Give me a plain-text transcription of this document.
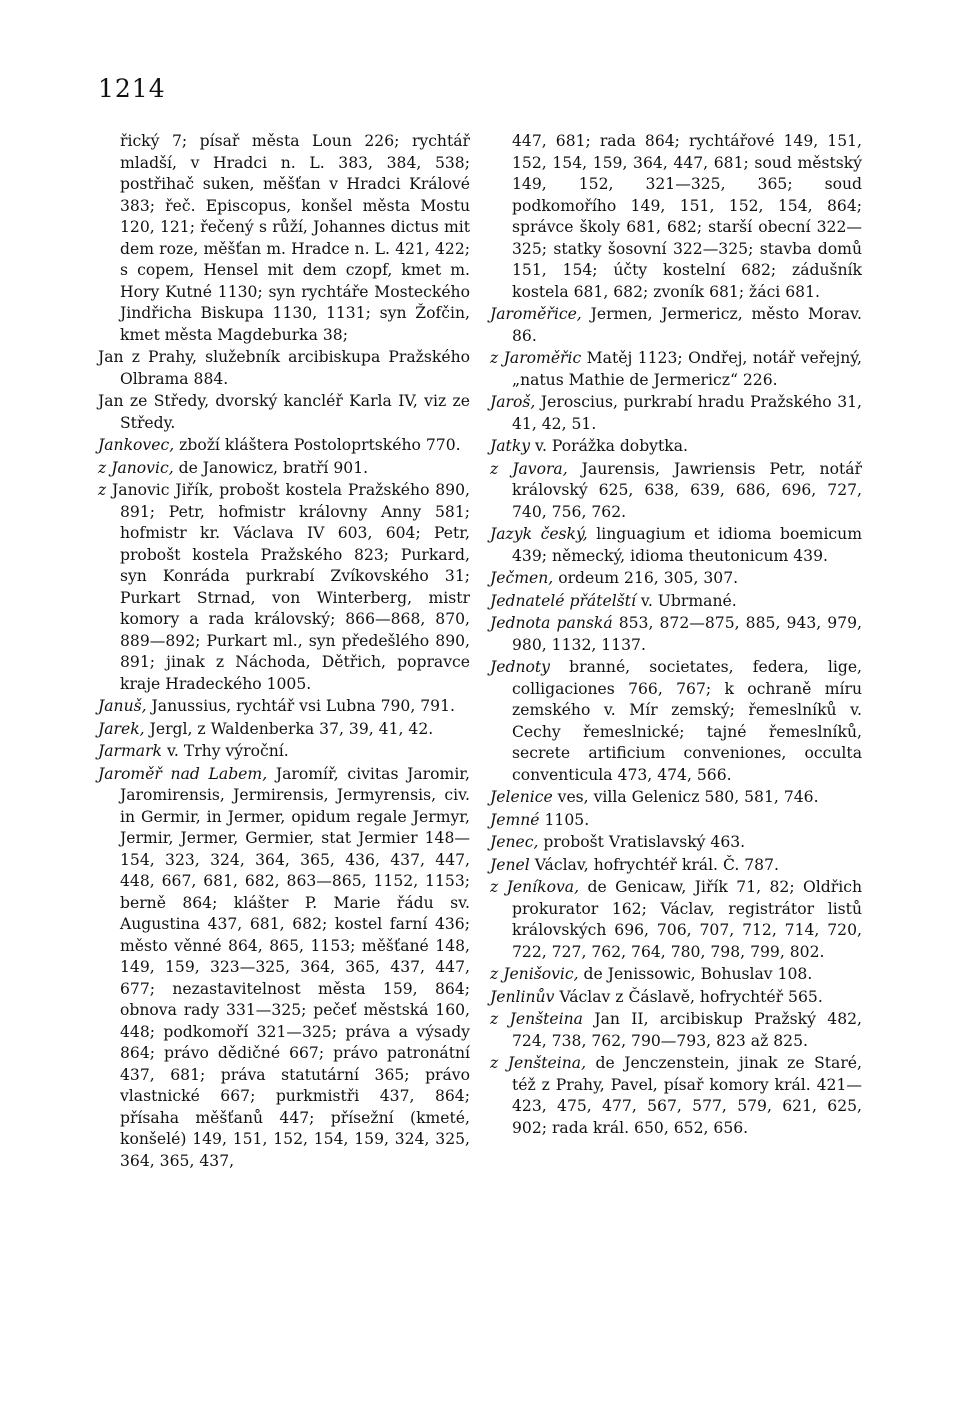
1214
řický 7; písař města Loun 226; rychtář mladší, v Hradci n. L. 383, 384, 538; postřihač suken, měšťan v Hradci Králové 383; řeč. Episcopus, konšel města Mostu 120, 121; řečený s růží, Johannes dictus mit dem roze, měšťan m. Hradce n. L. 421, 422; s copem, Hensel mit dem czopf, kmet m. Hory Kutné 1130; syn rychtáře Mosteckého Jindřicha Biskupa 1130, 1131; syn Žofčin, kmet města Magdeburka 38;
Jan z Prahy, služebník arcibiskupa Pražského Olbrama 884.
Jan ze Středy, dvorský kancléř Karla IV, viz ze Středy.
Jankovec, zboží kláštera Postoloprtského 770.
z Janovic, de Janowicz, bratří 901.
z Janovic Jiřík, probošt kostela Pražského 890, 891; Petr, hofmistr královny Anny 581; hofmistr kr. Václava IV 603, 604; Petr, probošt kostela Pražského 823; Purkard, syn Konráda purkrabí Zvíkovského 31; Purkart Strnad, von Winterberg, mistr komory a rada královský; 866—868, 870, 889—892; Purkart ml., syn předešlého 890, 891; jinak z Náchoda, Dětřich, popravce kraje Hradeckého 1005.
Januš, Janussius, rychtář vsi Lubna 790, 791.
Jarek, Jergl, z Waldenberka 37, 39, 41, 42.
Jarmark v. Trhy výroční.
Jaroměř nad Labem, Jaromíř, civitas Jaromir, Jaromirensis, Jermirensis, Jermyrensis, civ. in Germir, in Jermer, opidum regale Jermyr, Jermir, Jermer, Germier, stat Jermier 148—154, 323, 324, 364, 365, 436, 437, 447, 448, 667, 681, 682, 863—865, 1152, 1153; berně 864; klášter P. Marie řádu sv. Augustina 437, 681, 682; kostel farní 436; město věnné 864, 865, 1153; měšťané 148, 149, 159, 323—325, 364, 365, 437, 447, 677; nezastavitelnost města 159, 864; obnova rady 331—325; pečeť městská 160, 448; podkomoří 321—325; práva a výsady 864; právo dědičné 667; právo patronátní 437, 681; práva statutární 365; právo vlastnické 667; purkmistři 437, 864; přísaha měšťanů 447; přísežní (kmeté, konšelé) 149, 151, 152, 154, 159, 324, 325, 364, 365, 437,
447, 681; rada 864; rychtářové 149, 151, 152, 154, 159, 364, 447, 681; soud městský 149, 152, 321—325, 365; soud podkomořího 149, 151, 152, 154, 864; správce školy 681, 682; starší obecní 322—325; statky šosovní 322—325; stavba domů 151, 154; účty kostelní 682; zádušník kostela 681, 682; zvoník 681; žáci 681.
Jaroměřice, Jermen, Jermericz, město Morav. 86.
z Jaroměřic Matěj 1123; Ondřej, notář veřejný, „natus Mathie de Jermericz“ 226.
Jaroš, Jeroscius, purkrabí hradu Pražského 31, 41, 42, 51.
Jatky v. Porážka dobytka.
z Javora, Jaurensis, Jawriensis Petr, notář královský 625, 638, 639, 686, 696, 727, 740, 756, 762.
Jazyk český, linguagium et idioma boemicum 439; německý, idioma theutonicum 439.
Ječmen, ordeum 216, 305, 307.
Jednatelé přátelští v. Ubrmané.
Jednota panská 853, 872—875, 885, 943, 979, 980, 1132, 1137.
Jednoty branné, societates, federa, lige, colligaciones 766, 767; k ochraně míru zemského v. Mír zemský; řemeslníků v. Cechy řemeslnické; tajné řemeslníků, secrete artificium conveniones, occulta conventicula 473, 474, 566.
Jelenice ves, villa Gelenicz 580, 581, 746.
Jemné 1105.
Jenec, probošt Vratislavský 463.
Jenel Václav, hofrychtéř král. Č. 787.
z Jeníkova, de Genicaw, Jiřík 71, 82; Oldřich prokurator 162; Václav, registrátor listů královských 696, 706, 707, 712, 714, 720, 722, 727, 762, 764, 780, 798, 799, 802.
z Jenišovic, de Jenissowic, Bohuslav 108.
Jenlinův Václav z Čáslavě, hofrychtéř 565.
z Jenšteina Jan II, arcibiskup Pražský 482, 724, 738, 762, 790—793, 823 až 825.
z Jenšteina, de Jenczenstein, jinak ze Staré, též z Prahy, Pavel, písař komory král. 421—423, 475, 477, 567, 577, 579, 621, 625, 902; rada král. 650, 652, 656.
